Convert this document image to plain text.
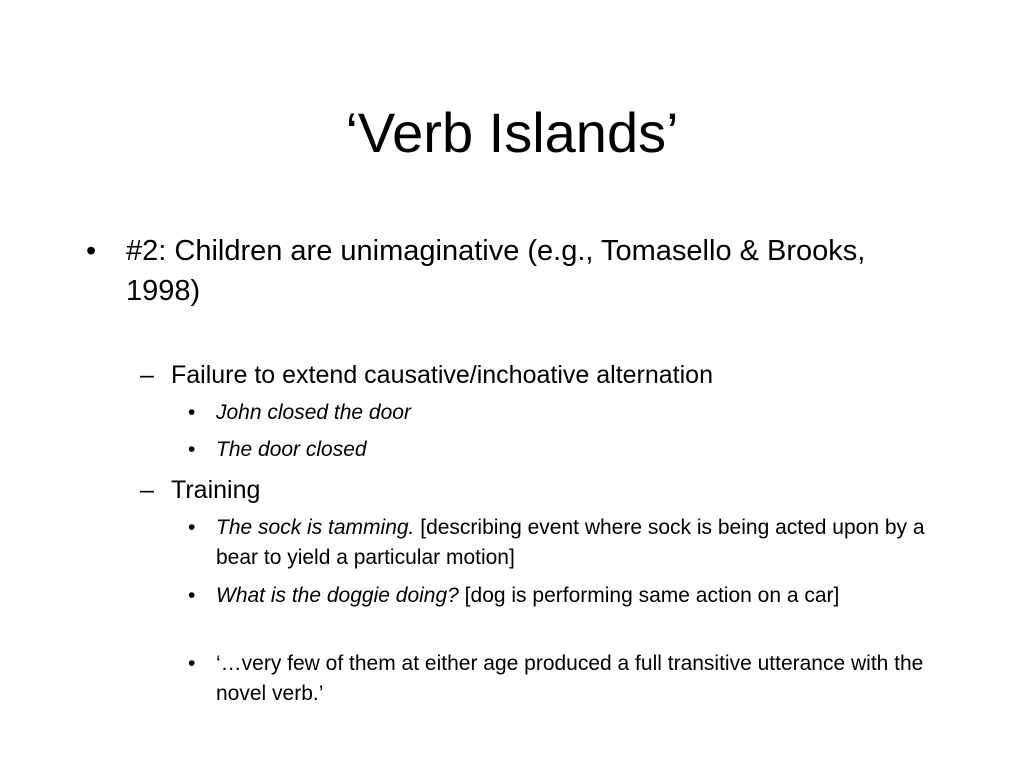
‘Verb Islands’
• #2: Children are unimaginative (e.g., Tomasello & Brooks, 1998)
– Failure to extend causative/inchoative alternation
• John closed the door
• The door closed
– Training
• The sock is tamming. [describing event where sock is being acted upon by a bear to yield a particular motion]
• What is the doggie doing? [dog is performing same action on a car]
• ‘…very few of them at either age produced a full transitive utterance with the novel verb.’
